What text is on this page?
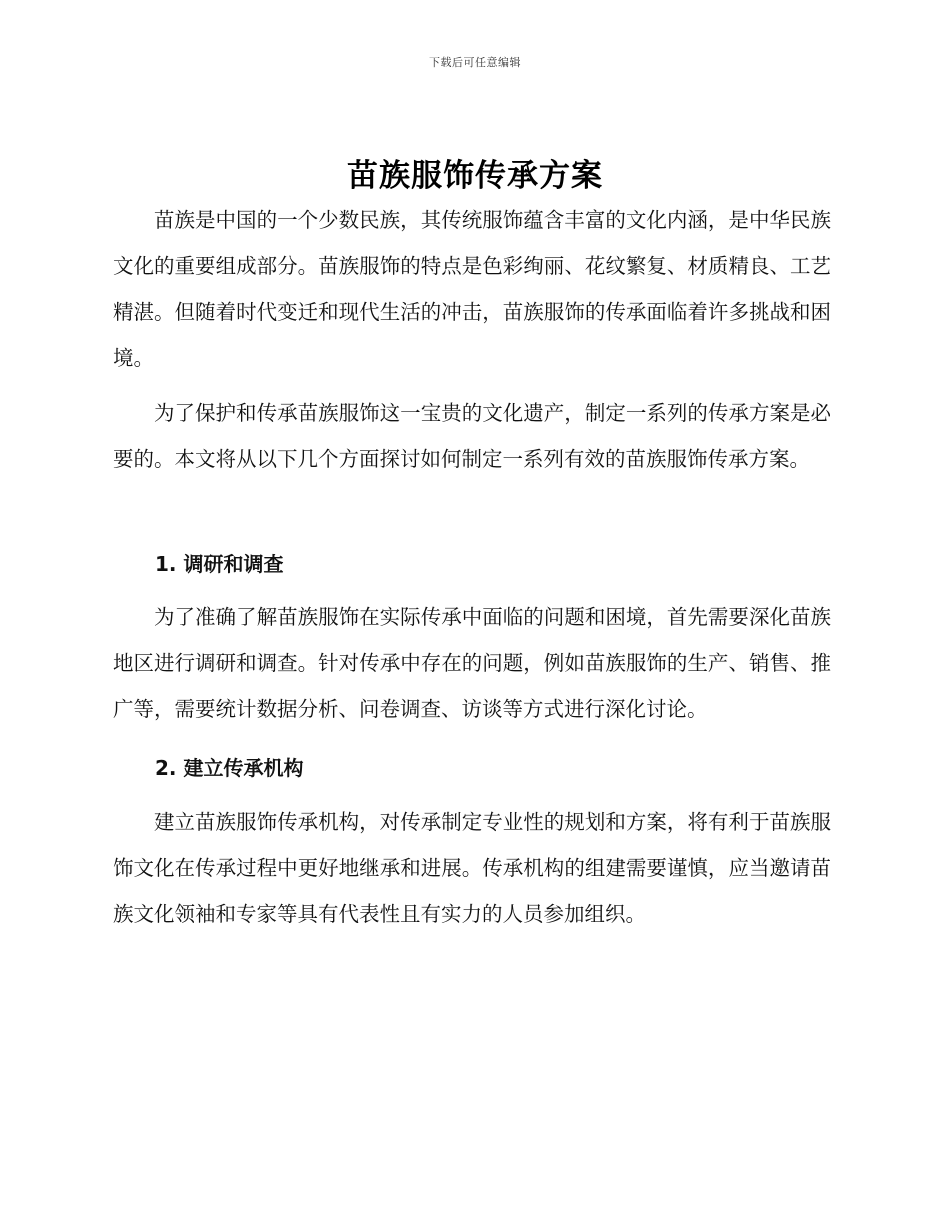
下载后可任意编辑
苗族服饰传承方案

苗族是中国的一个少数民族，其传统服饰蕴含丰富的文化内涵，是中华民族文化的重要组成部分。苗族服饰的特点是色彩绚丽、花纹繁复、材质精良、工艺精湛。但随着时代变迁和现代生活的冲击，苗族服饰的传承面临着许多挑战和困境。

为了保护和传承苗族服饰这一宝贵的文化遗产，制定一系列的传承方案是必要的。本文将从以下几个方面探讨如何制定一系列有效的苗族服饰传承方案。

1. 调研和调查

为了准确了解苗族服饰在实际传承中面临的问题和困境，首先需要深化苗族地区进行调研和调查。针对传承中存在的问题，例如苗族服饰的生产、销售、推广等，需要统计数据分析、问卷调查、访谈等方式进行深化讨论。

2. 建立传承机构

建立苗族服饰传承机构，对传承制定专业性的规划和方案，将有利于苗族服饰文化在传承过程中更好地继承和进展。传承机构的组建需要谨慎，应当邀请苗族文化领袖和专家等具有代表性且有实力的人员参加组织。
